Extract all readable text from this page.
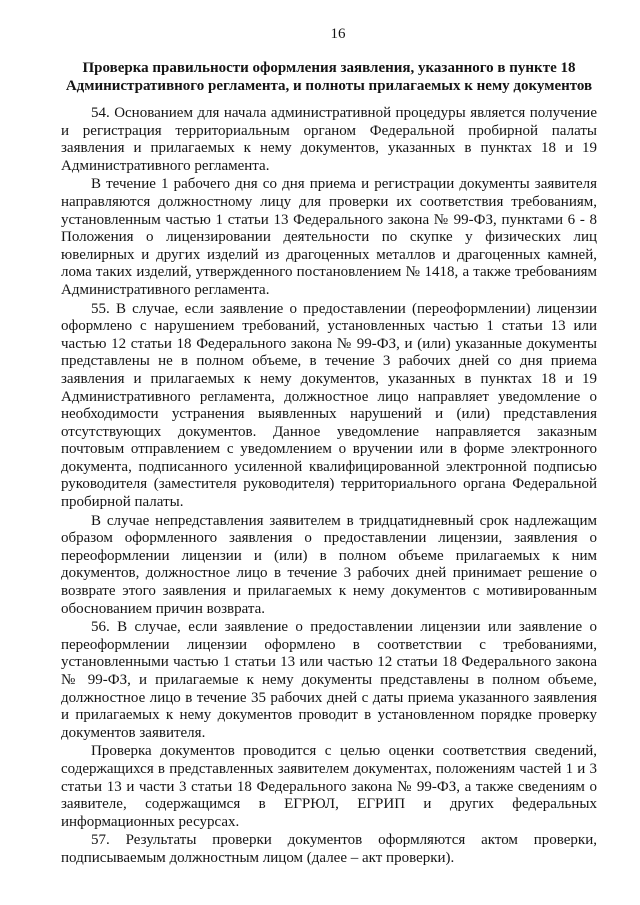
16
Проверка правильности оформления заявления, указанного в пункте 18
Административного регламента, и полноты прилагаемых к нему документов

54. Основанием для начала административной процедуры является получение и регистрация территориальным органом Федеральной пробирной палаты заявления и прилагаемых к нему документов, указанных в пунктах 18 и 19 Административного регламента.

В течение 1 рабочего дня со дня приема и регистрации документы заявителя направляются должностному лицу для проверки их соответствия требованиям, установленным частью 1 статьи 13 Федерального закона № 99-ФЗ, пунктами 6 - 8 Положения о лицензировании деятельности по скупке у физических лиц ювелирных и других изделий из драгоценных металлов и драгоценных камней, лома таких изделий, утвержденного постановлением № 1418, а также требованиям Административного регламента.

55. В случае, если заявление о предоставлении (переоформлении) лицензии оформлено с нарушением требований, установленных частью 1 статьи 13 или частью 12 статьи 18 Федерального закона № 99-ФЗ, и (или) указанные документы представлены не в полном объеме, в течение 3 рабочих дней со дня приема заявления и прилагаемых к нему документов, указанных в пунктах 18 и 19 Административного регламента, должностное лицо направляет уведомление о необходимости устранения выявленных нарушений и (или) представления отсутствующих документов. Данное уведомление направляется заказным почтовым отправлением с уведомлением о вручении или в форме электронного документа, подписанного усиленной квалифицированной электронной подписью руководителя (заместителя руководителя) территориального органа Федеральной пробирной палаты.

В случае непредставления заявителем в тридцатидневный срок надлежащим образом оформленного заявления о предоставлении лицензии, заявления о переоформлении лицензии и (или) в полном объеме прилагаемых к ним документов, должностное лицо в течение 3 рабочих дней принимает решение о возврате этого заявления и прилагаемых к нему документов с мотивированным обоснованием причин возврата.

56. В случае, если заявление о предоставлении лицензии или заявление о переоформлении лицензии оформлено в соответствии с требованиями, установленными частью 1 статьи 13 или частью 12 статьи 18 Федерального закона № 99-ФЗ, и прилагаемые к нему документы представлены в полном объеме, должностное лицо в течение 35 рабочих дней с даты приема указанного заявления и прилагаемых к нему документов проводит в установленном порядке проверку документов заявителя.

Проверка документов проводится с целью оценки соответствия сведений, содержащихся в представленных заявителем документах, положениям частей 1 и 3 статьи 13 и части 3 статьи 18 Федерального закона № 99-ФЗ, а также сведениям о заявителе, содержащимся в ЕГРЮЛ, ЕГРИП и других федеральных информационных ресурсах.

57. Результаты проверки документов оформляются актом проверки, подписываемым должностным лицом (далее – акт проверки).
